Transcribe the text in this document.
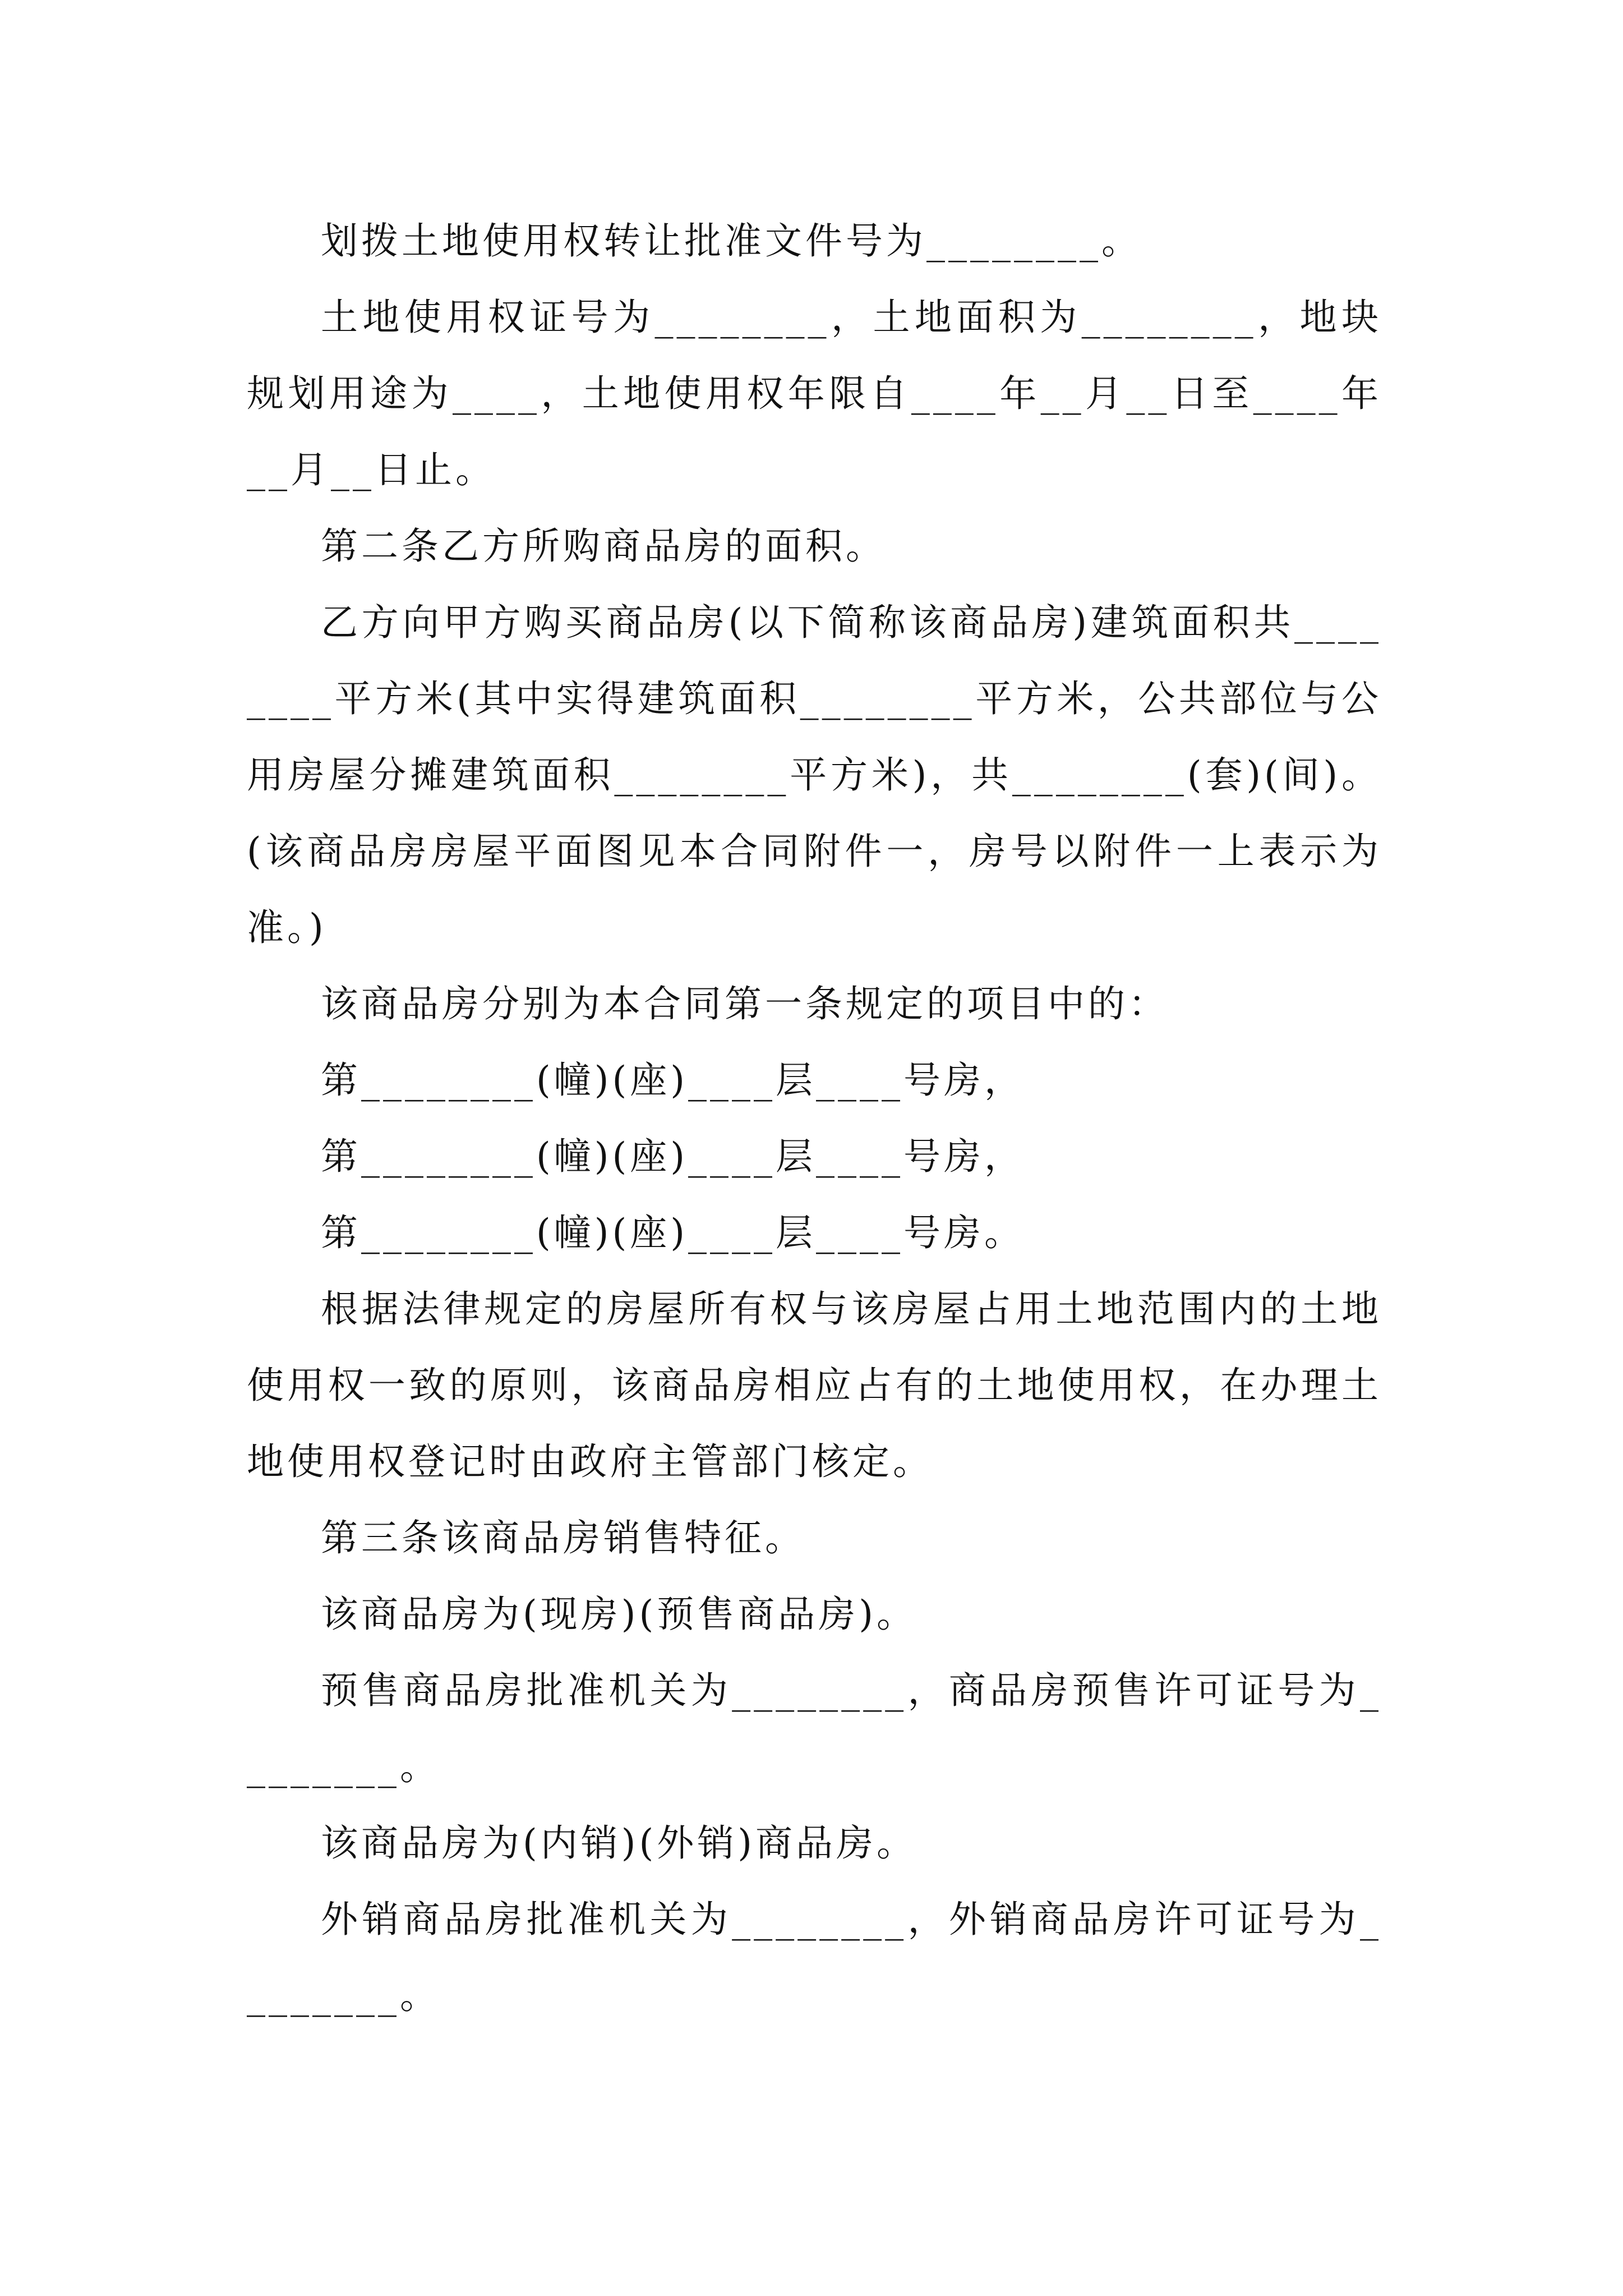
划拨土地使用权转让批准文件号为________。

土地使用权证号为________，土地面积为________，地块规划用途为____，土地使用权年限自____年__月__日至____年__月__日止。

第二条乙方所购商品房的面积。

乙方向甲方购买商品房(以下简称该商品房)建筑面积共________平方米(其中实得建筑面积________平方米，公共部位与公用房屋分摊建筑面积________平方米)，共________(套)(间)。(该商品房房屋平面图见本合同附件一，房号以附件一上表示为准。)

该商品房分别为本合同第一条规定的项目中的：

第________(幢)(座)____层____号房，

第________(幢)(座)____层____号房，

第________(幢)(座)____层____号房。

根据法律规定的房屋所有权与该房屋占用土地范围内的土地使用权一致的原则，该商品房相应占有的土地使用权，在办理土地使用权登记时由政府主管部门核定。

第三条该商品房销售特征。

该商品房为(现房)(预售商品房)。

预售商品房批准机关为________，商品房预售许可证号为________。

该商品房为(内销)(外销)商品房。

外销商品房批准机关为________，外销商品房许可证号为________。
